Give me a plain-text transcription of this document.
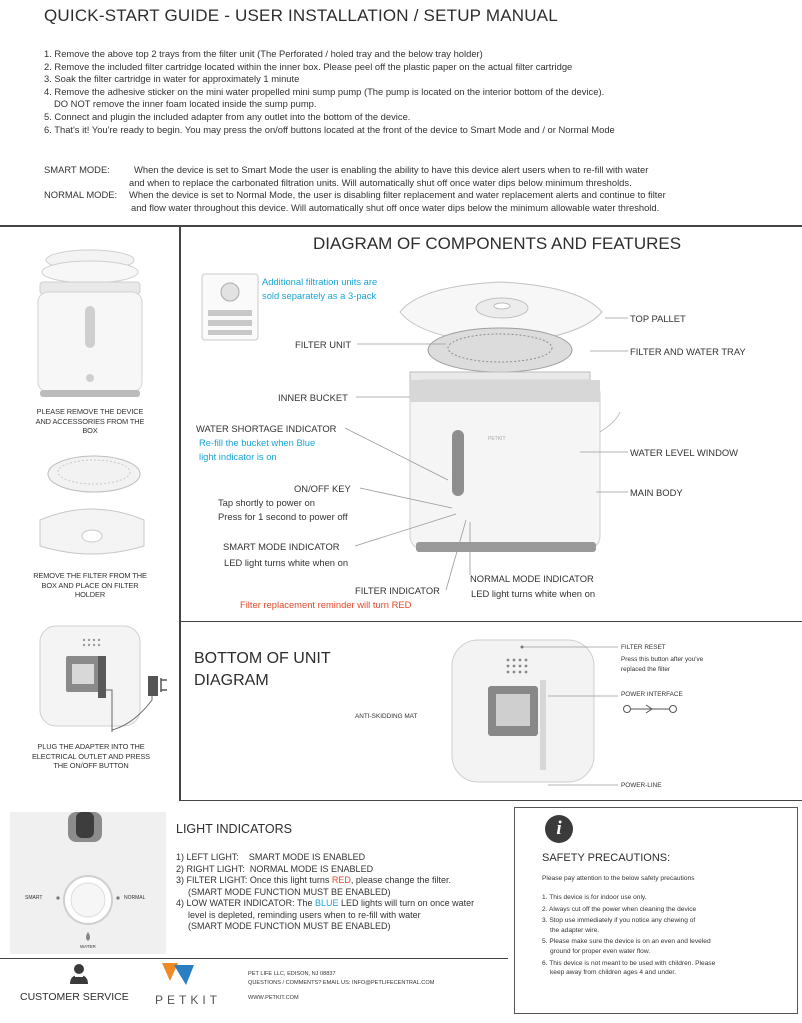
QUICK-START GUIDE - USER INSTALLATION / SETUP MANUAL
1. Remove the above top 2 trays from the filter unit (The Perforated / holed tray and the below tray holder)
2. Remove the included filter cartridge located within the inner box. Please peel off the plastic paper on the actual filter cartridge
3. Soak the filter cartridge in water for approximately 1 minute
4. Remove the adhesive sticker on the mini water propelled mini sump pump (The pump is located on the interior bottom of the device).
DO NOT remove the inner foam located inside the sump pump.
5. Connect and plugin the included adapter from any outlet into the bottom of the device.
6. That's it! You're ready to begin. You may press the on/off buttons located at the front of the device to Smart Mode and / or Normal Mode
SMART MODE:	When the device is set to Smart Mode the user is enabling the ability to have this device alert users when to re-fill with water
and when to replace the carbonated filtration units. Will automatically shut off once water dips below minimum thresholds.
NORMAL MODE:	When the device is set to Normal Mode, the user is disabling filter replacement and water replacement alerts and continue to filter
and flow water throughout this device. Will automatically shut off once water dips below the minimum allowable water threshold.
PLEASE REMOVE THE DEVICE AND ACCESSORIES FROM THE BOX
REMOVE THE FILTER FROM THE BOX AND PLACE ON FILTER HOLDER
PLUG THE ADAPTER INTO THE ELECTRICAL OUTLET AND PRESS THE ON/OFF BUTTON
DIAGRAM OF COMPONENTS AND FEATURES
Additional filtration units are
sold separately as a 3-pack
PETKIT
FILTER UNIT
INNER BUCKET
WATER SHORTAGE INDICATOR
Re-fill the bucket when Blue
light indicator is on
ON/OFF KEY
Tap shortly to power on
Press for 1 second to power off
SMART MODE INDICATOR
LED light turns white when on
FILTER INDICATOR
Filter replacement reminder will turn RED
NORMAL MODE INDICATOR
LED light turns white when on
TOP PALLET
FILTER AND WATER TRAY
WATER LEVEL WINDOW
MAIN BODY
BOTTOM OF UNIT
DIAGRAM
ANTI-SKIDDING MAT
FILTER RESET
Press this button after you've
replaced the filter
POWER INTERFACE
POWER-LINE
SMART	NORMAL
WATER
LIGHT INDICATORS
1) LEFT LIGHT: SMART MODE IS ENABLED
2) RIGHT LIGHT: NORMAL MODE IS ENABLED
3) FILTER LIGHT: Once this light turns RED, please change the filter.
(SMART MODE FUNCTION MUST BE ENABLED)
4) LOW WATER INDICATOR: The BLUE LED lights will turn on once water
level is depleted, reminding users when to re-fill with water
(SMART MODE FUNCTION MUST BE ENABLED)
i
SAFETY PRECAUTIONS:
Please pay attention to the below safety precautions
1. This device is for indoor use only.
2. Always cut off the power when cleaning the device
3. Stop use immediately if you notice any chewing of
the adapter wire.
5. Please make sure the device is on an even and leveled
ground for proper even water flow.
6. This device is not meant to be used with children. Please
keep away from children ages 4 and under.
CUSTOMER SERVICE PETKIT
PET LIFE LLC, EDISON, NJ 08837
QUESTIONS / COMMENTS? EMAIL US: INFO@PETLIFECENTRAL.COM
WWW.PETKIT.COM
